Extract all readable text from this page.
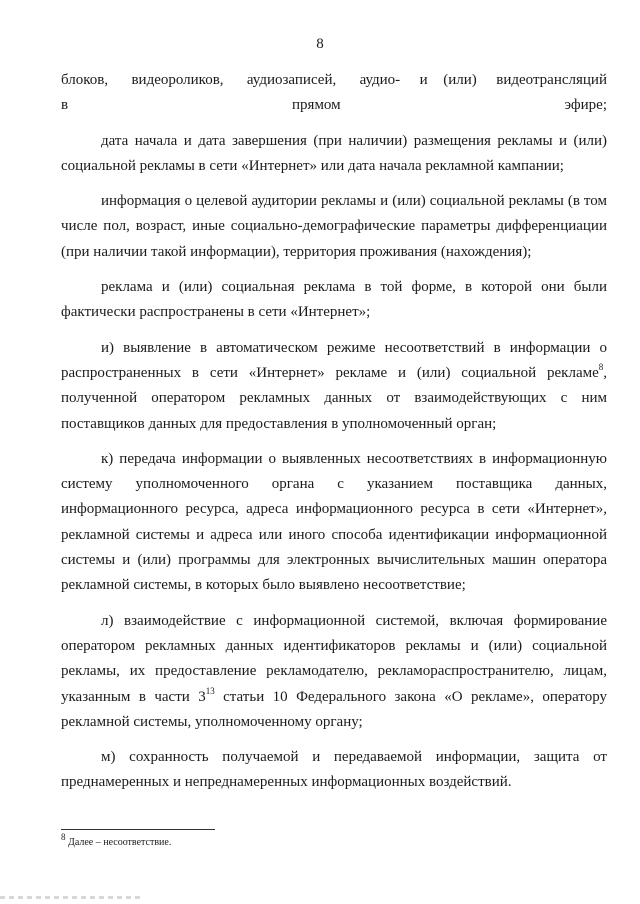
8

блоков,      видеороликов,      аудиозаписей,      аудио-     и    (или)     видеотрансляций в прямом эфире;

дата начала и дата завершения (при наличии) размещения рекламы и (или) социальной рекламы в сети «Интернет» или дата начала рекламной кампании;

информация о целевой аудитории рекламы и (или) социальной рекламы (в том числе пол, возраст, иные социально-демографические параметры дифференциации (при наличии такой информации), территория проживания (нахождения);

реклама и (или) социальная реклама в той форме, в которой они были фактически распространены в сети «Интернет»;

и) выявление в автоматическом режиме несоответствий в информации о распространенных в сети «Интернет» рекламе и (или) социальной рекламе$^8$, полученной оператором рекламных данных от взаимодействующих с ним поставщиков данных для предоставления в уполномоченный орган;

к) передача информации о выявленных несоответствиях в информационную систему уполномоченного органа с указанием поставщика данных, информационного ресурса, адреса информационного ресурса в сети «Интернет», рекламной системы и адреса или иного способа идентификации информационной системы и (или) программы для электронных вычислительных машин оператора рекламной системы, в которых было выявлено несоответствие;

л) взаимодействие с информационной системой, включая формирование оператором рекламных данных идентификаторов рекламы и (или) социальной рекламы, их предоставление рекламодателю, рекламораспространителю, лицам, указанным в части $3^{13}$ статьи 10 Федерального закона «О рекламе», оператору рекламной системы, уполномоченному органу;

м) сохранность получаемой и передаваемой информации, защита от преднамеренных и непреднамеренных информационных воздействий.

$^8$ Далее – несоответствие.
